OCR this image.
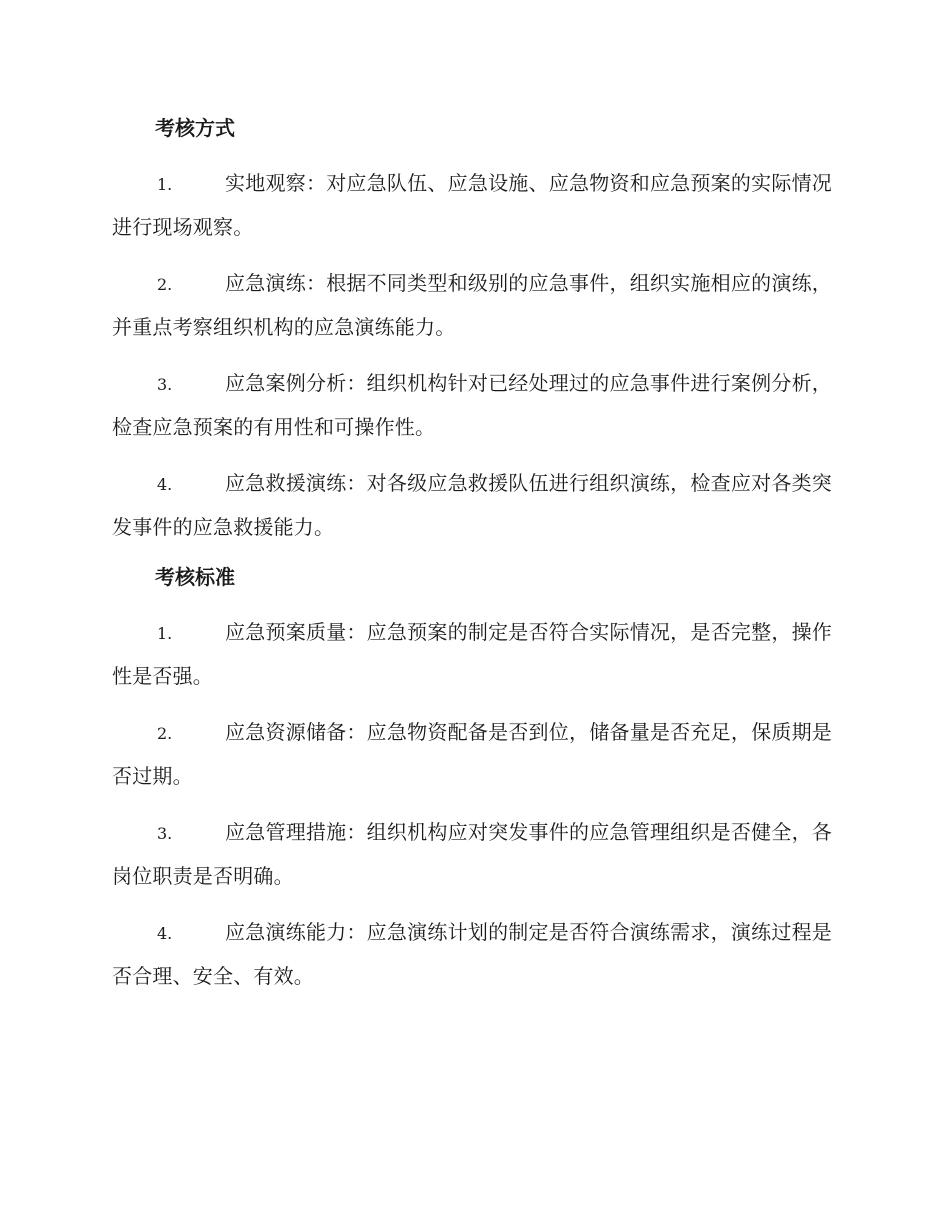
考核方式
1.	实地观察：对应急队伍、应急设施、应急物资和应急预案的实际情况进行现场观察。
2.	应急演练：根据不同类型和级别的应急事件，组织实施相应的演练，并重点考察组织机构的应急演练能力。
3.	应急案例分析：组织机构针对已经处理过的应急事件进行案例分析，检查应急预案的有用性和可操作性。
4.	应急救援演练：对各级应急救援队伍进行组织演练，检查应对各类突发事件的应急救援能力。
考核标准
1.	应急预案质量：应急预案的制定是否符合实际情况，是否完整，操作性是否强。
2.	应急资源储备：应急物资配备是否到位，储备量是否充足，保质期是否过期。
3.	应急管理措施：组织机构应对突发事件的应急管理组织是否健全，各岗位职责是否明确。
4.	应急演练能力：应急演练计划的制定是否符合演练需求，演练过程是否合理、安全、有效。
